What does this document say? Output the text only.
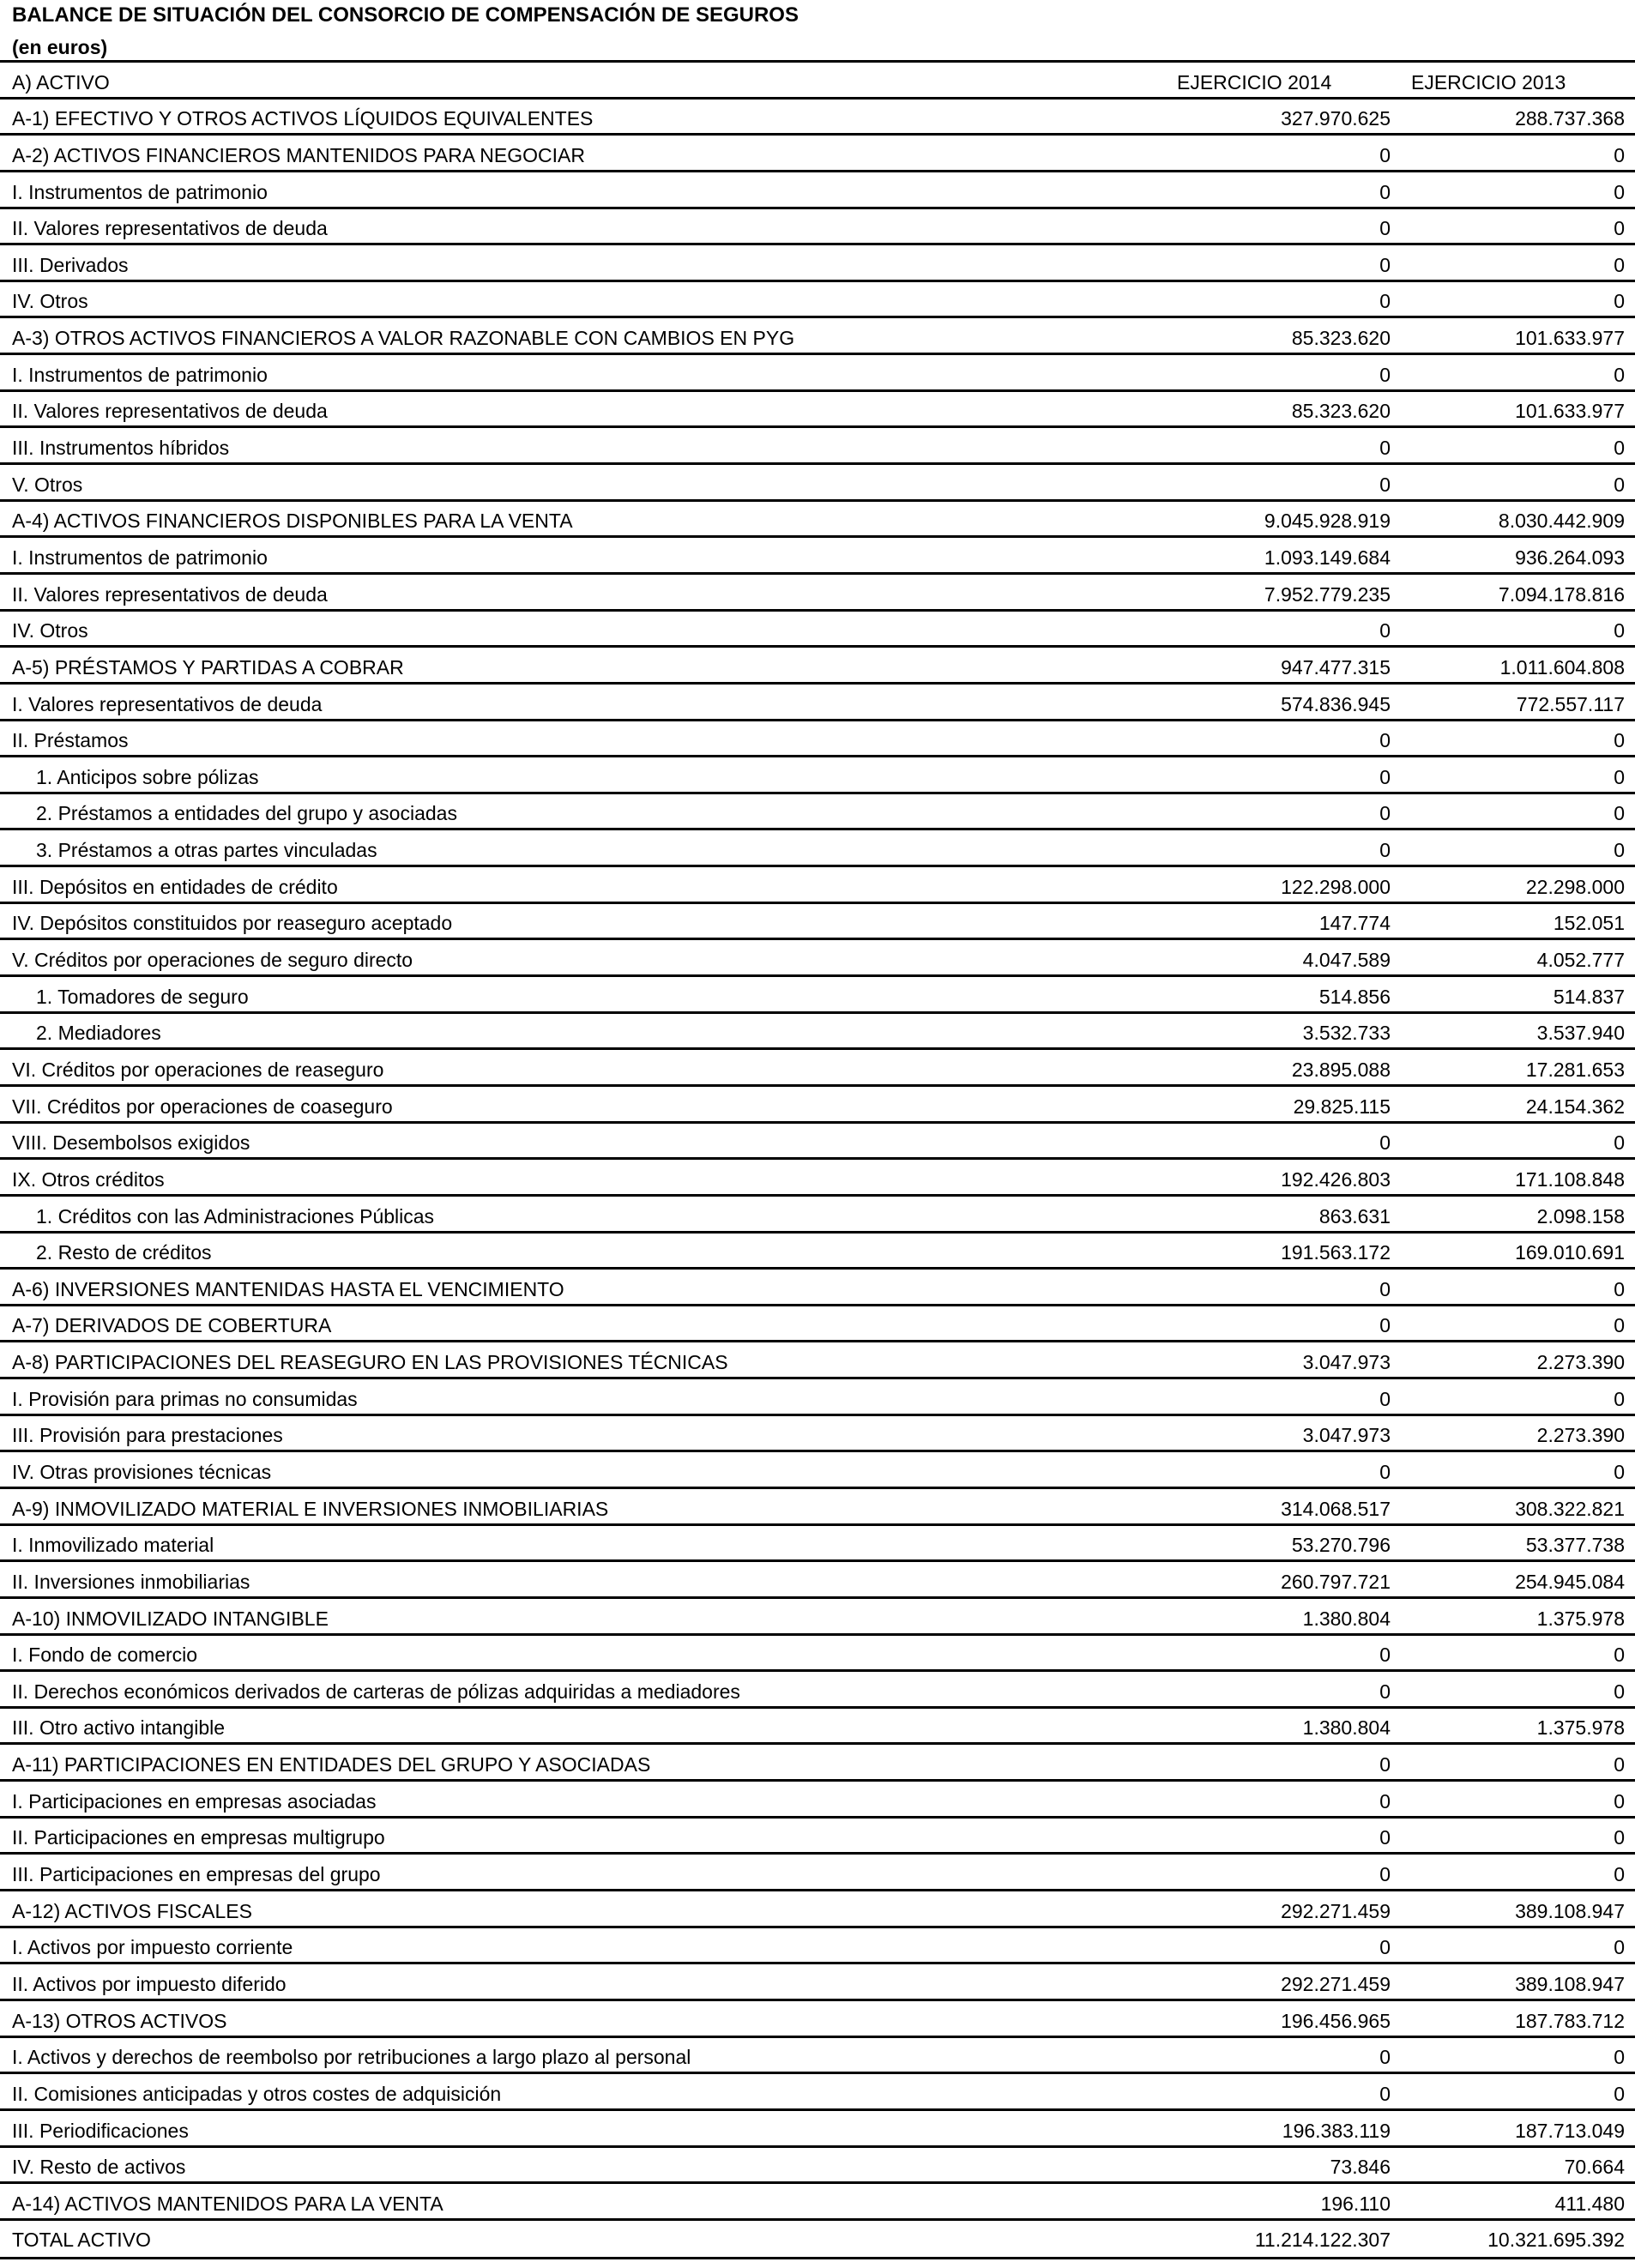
BALANCE DE SITUACIÓN DEL CONSORCIO DE COMPENSACIÓN DE SEGUROS
(en euros)
A) ACTIVO	EJERCICIO 2014	EJERCICIO 2013
A-1) EFECTIVO Y OTROS ACTIVOS LÍQUIDOS EQUIVALENTES	327.970.625	288.737.368
A-2) ACTIVOS FINANCIEROS MANTENIDOS PARA NEGOCIAR	0	0
I. Instrumentos de patrimonio	0	0
II. Valores representativos de deuda	0	0
III. Derivados	0	0
IV. Otros	0	0
A-3) OTROS ACTIVOS FINANCIEROS A VALOR RAZONABLE CON CAMBIOS EN PYG	85.323.620	101.633.977
I. Instrumentos de patrimonio	0	0
II. Valores representativos de deuda	85.323.620	101.633.977
III. Instrumentos híbridos	0	0
V. Otros	0	0
A-4) ACTIVOS FINANCIEROS DISPONIBLES PARA LA VENTA	9.045.928.919	8.030.442.909
I. Instrumentos de patrimonio	1.093.149.684	936.264.093
II. Valores representativos de deuda	7.952.779.235	7.094.178.816
IV. Otros	0	0
A-5) PRÉSTAMOS Y PARTIDAS A COBRAR	947.477.315	1.011.604.808
I. Valores representativos de deuda	574.836.945	772.557.117
II. Préstamos	0	0
1. Anticipos sobre pólizas	0	0
2. Préstamos a entidades del grupo y asociadas	0	0
3. Préstamos a otras partes vinculadas	0	0
III. Depósitos en entidades de crédito	122.298.000	22.298.000
IV. Depósitos constituidos por reaseguro aceptado	147.774	152.051
V. Créditos por operaciones de seguro directo	4.047.589	4.052.777
1. Tomadores de seguro	514.856	514.837
2. Mediadores	3.532.733	3.537.940
VI. Créditos por operaciones de reaseguro	23.895.088	17.281.653
VII. Créditos por operaciones de coaseguro	29.825.115	24.154.362
VIII. Desembolsos exigidos	0	0
IX. Otros créditos	192.426.803	171.108.848
1. Créditos con las Administraciones Públicas	863.631	2.098.158
2. Resto de créditos	191.563.172	169.010.691
A-6) INVERSIONES MANTENIDAS HASTA EL VENCIMIENTO	0	0
A-7) DERIVADOS DE COBERTURA	0	0
A-8) PARTICIPACIONES DEL REASEGURO EN LAS PROVISIONES TÉCNICAS	3.047.973	2.273.390
I. Provisión para primas no consumidas	0	0
III. Provisión para prestaciones	3.047.973	2.273.390
IV. Otras provisiones técnicas	0	0
A-9) INMOVILIZADO MATERIAL E INVERSIONES INMOBILIARIAS	314.068.517	308.322.821
I. Inmovilizado material	53.270.796	53.377.738
II. Inversiones inmobiliarias	260.797.721	254.945.084
A-10) INMOVILIZADO INTANGIBLE	1.380.804	1.375.978
I. Fondo de comercio	0	0
II. Derechos económicos derivados de carteras de pólizas adquiridas a mediadores	0	0
III. Otro activo intangible	1.380.804	1.375.978
A-11) PARTICIPACIONES EN ENTIDADES DEL GRUPO Y ASOCIADAS	0	0
I. Participaciones en empresas asociadas	0	0
II. Participaciones en empresas multigrupo	0	0
III. Participaciones en empresas del grupo	0	0
A-12) ACTIVOS FISCALES	292.271.459	389.108.947
I. Activos por impuesto corriente	0	0
II. Activos por impuesto diferido	292.271.459	389.108.947
A-13) OTROS ACTIVOS	196.456.965	187.783.712
I. Activos y derechos de reembolso por retribuciones a largo plazo al personal	0	0
II. Comisiones anticipadas y otros costes de adquisición	0	0
III. Periodificaciones	196.383.119	187.713.049
IV. Resto de activos	73.846	70.664
A-14) ACTIVOS MANTENIDOS PARA LA VENTA	196.110	411.480
TOTAL ACTIVO	11.214.122.307	10.321.695.392
